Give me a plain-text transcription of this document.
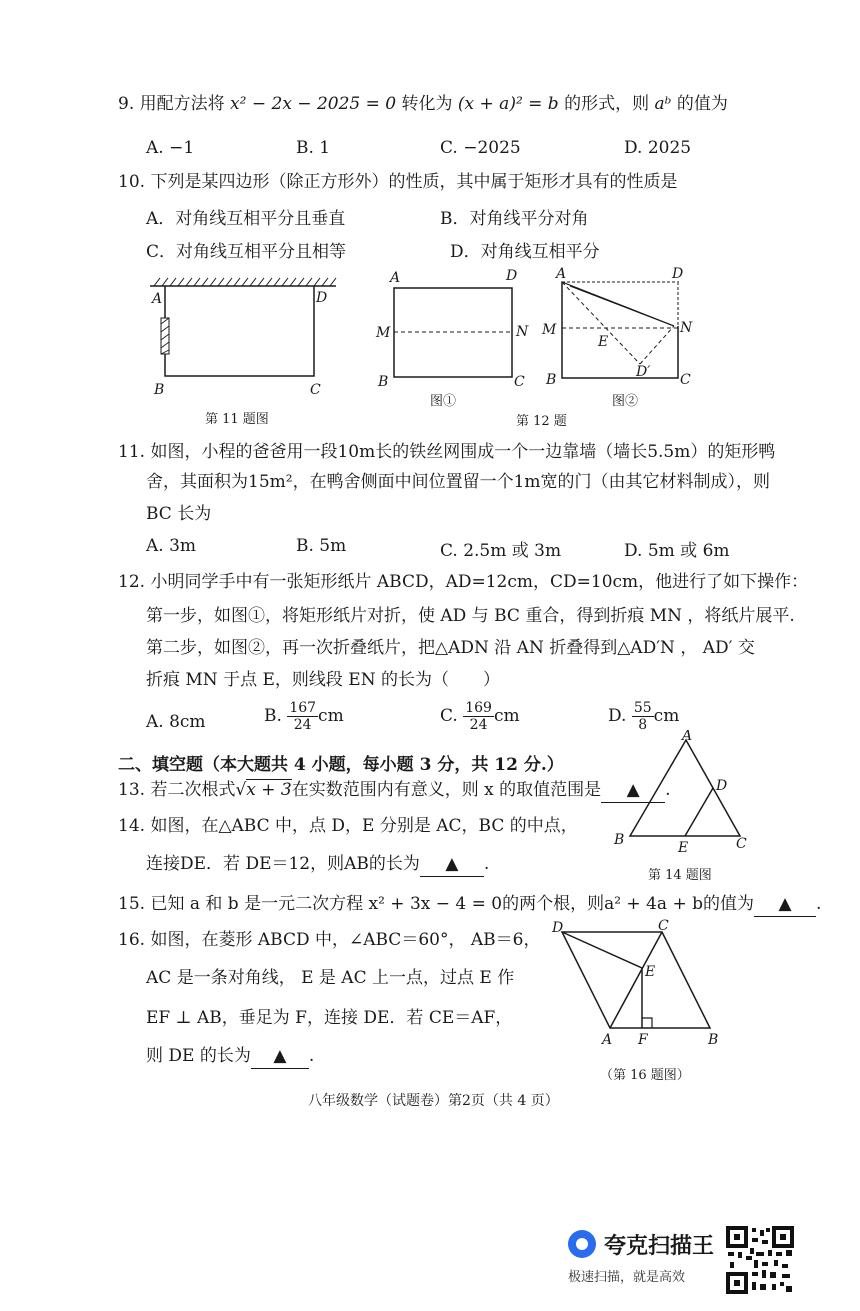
9. 用配方法将 x² − 2x − 2025 = 0 转化为 (x + a)² = b 的形式，则 aᵇ 的值为
A. −1	B. 1	C. −2025	D. 2025
10. 下列是某四边形（除正方形外）的性质，其中属于矩形才具有的性质是
A．对角线互相平分且垂直	B．对角线平分对角
C．对角线互相平分且相等	D．对角线互相平分
A	D
B	C
第 11 题图
A	D
M	N
B	C
图①
A	D
M	N
E
D′
B	C
图②
第 12 题
11. 如图，小程的爸爸用一段10m长的铁丝网围成一个一边靠墙（墙长5.5m）的矩形鸭
舍，其面积为15m²，在鸭舍侧面中间位置留一个1m宽的门（由其它材料制成），则
BC 长为
A. 3m	B. 5m	C. 2.5m 或 3m	D. 5m 或 6m
12. 小明同学手中有一张矩形纸片 ABCD，AD=12cm，CD=10cm，他进行了如下操作：
第一步，如图①，将矩形纸片对折，使 AD 与 BC 重合，得到折痕 MN ，将纸片展平.
第二步，如图②，再一次折叠纸片，把△ADN 沿 AN 折叠得到△AD′N ， AD′ 交
折痕 MN 于点 E，则线段 EN 的长为（　　）
A. 8cm	B. $\frac{167}{24}$ cm	C. $\frac{169}{24}$ cm	D. $\frac{55}{8}$ cm
二、填空题（本大题共 4 小题，每小题 3 分，共 12 分.）
A
D
B	E	C
第 14 题图
13. 若二次根式√x + 3在实数范围内有意义，则 x 的取值范围是 ▲ .
14. 如图，在△ABC 中，点 D，E 分别是 AC，BC 的中点，
连接DE．若 DE＝12，则AB的长为 ▲ .
15. 已知 a 和 b 是一元二次方程 x² + 3x − 4 = 0的两个根，则a² + 4a + b的值为 ▲ .
16. 如图，在菱形 ABCD 中，∠ABC＝60°， AB＝6，
AC 是一条对角线， E 是 AC 上一点，过点 E 作
EF ⊥ AB，垂足为 F，连接 DE．若 CE＝AF，
则 DE 的长为 ▲ .
D	C
E
A F	B
（第 16 题图）
八年级数学（试题卷）第2页（共 4 页）
夸克扫描王
极速扫描，就是高效
